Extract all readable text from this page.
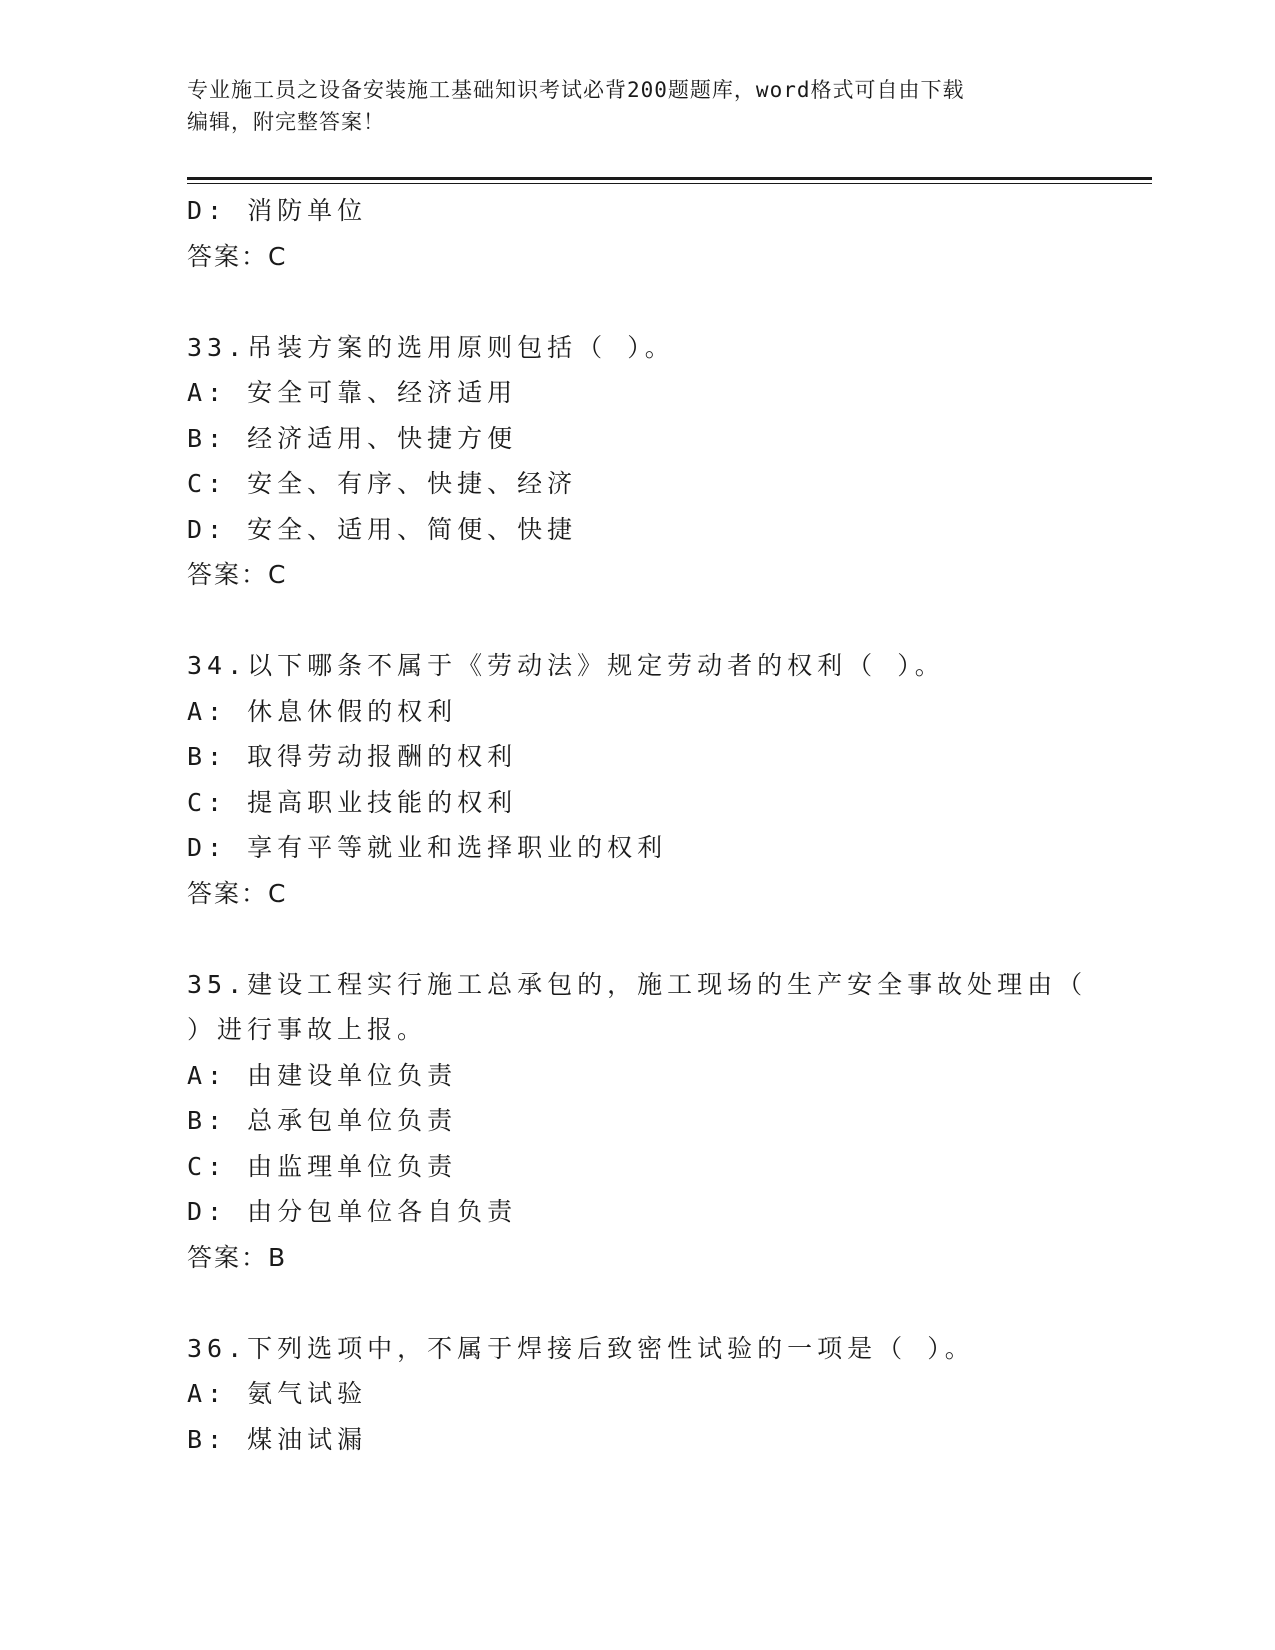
专业施工员之设备安装施工基础知识考试必背200题题库，word格式可自由下载
编辑，附完整答案！
D: 消防单位
答案：C
33.吊装方案的选用原则包括（ ）。
A: 安全可靠、经济适用
B: 经济适用、快捷方便
C: 安全、有序、快捷、经济
D: 安全、适用、简便、快捷
答案：C
34.以下哪条不属于《劳动法》规定劳动者的权利（ ）。
A: 休息休假的权利
B: 取得劳动报酬的权利
C: 提高职业技能的权利
D: 享有平等就业和选择职业的权利
答案：C
35.建设工程实行施工总承包的，施工现场的生产安全事故处理由（
）进行事故上报。
A: 由建设单位负责
B: 总承包单位负责
C: 由监理单位负责
D: 由分包单位各自负责
答案：B
36.下列选项中，不属于焊接后致密性试验的一项是（ ）。
A: 氨气试验
B: 煤油试漏
